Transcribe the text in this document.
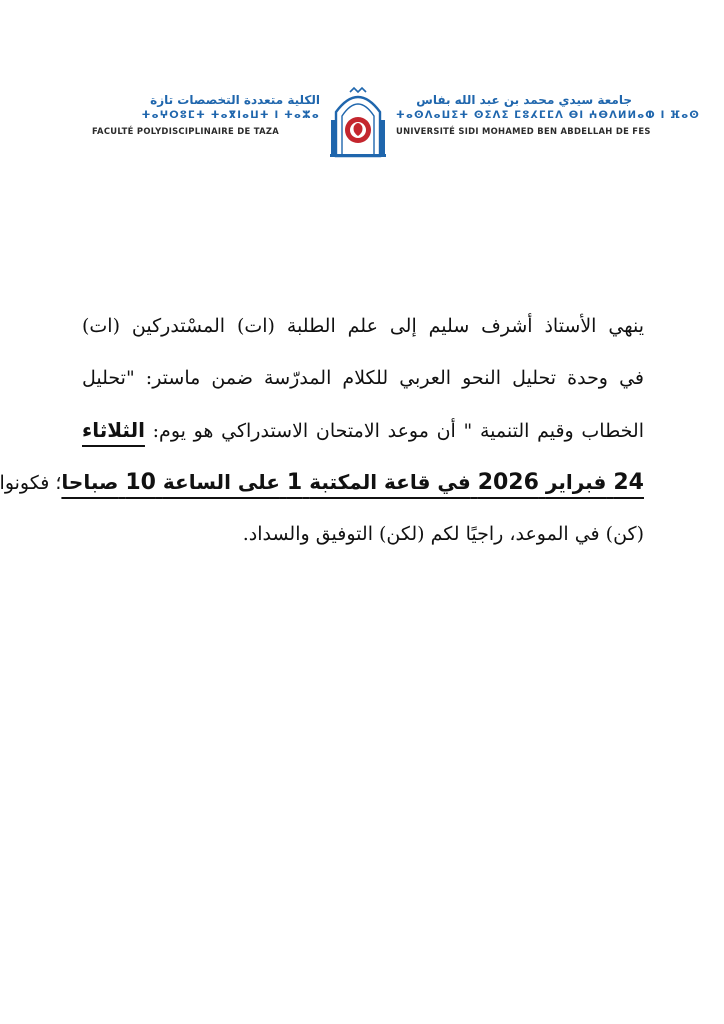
الكلية متعددة التخصصات تازة
ⵜⴰⵖⵔⵓⵎⵜ ⵜⴰⴳⵏⴰⵡⵜ ⵏ ⵜⴰⵣⴰ
FACULTÉ POLYDISCIPLINAIRE DE TAZA
جامعة سيدي محمد بن عبد الله بفاس
ⵜⴰⵙⴷⴰⵡⵉⵜ ⵙⵉⴷⵉ ⵎⵓⵃⵎⵎⴷ ⴱⵏ ⵄⴱⴷⵍⵍⴰⵀ ⵏ ⴼⴰⵙ
UNIVERSITÉ SIDI MOHAMED BEN ABDELLAH DE FES
ينهي الأستاذ أشرف سليم إلى علم الطلبة (ات) المسْتدركين (ات)
في وحدة تحليل النحو العربي للكلام المدرّسة ضمن ماستر: "تحليل
الخطاب وقيم التنمية " أن موعد الامتحان الاستدراكي هو يوم: الثلاثاء
24 فبراير 2026 في قاعة المكتبة 1 على الساعة 10 صباحا؛ فكونوا
(كن) في الموعد، راجيًا لكم (لكن) التوفيق والسداد.
